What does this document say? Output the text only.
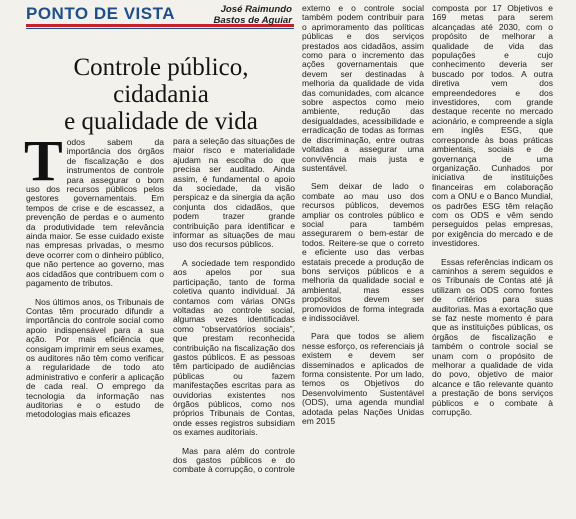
PONTO DE VISTA	José Raimundo
Bastos de Aguiar
Controle público, cidadania
e qualidade de vida

Todos sabem da importância dos órgãos de fiscalização e dos instrumentos de controle para assegurar o bom uso dos recursos públicos pelos gestores governamentais. Em tempos de crise e de escassez, a prevenção de perdas e o aumento da produtividade tem relevância ainda maior. Se esse cuidado existe nas empresas privadas, o mesmo deve ocorrer com o dinheiro público, que não pertence ao governo, mas aos cidadãos que contribuem com o pagamento de tributos.

Nos últimos anos, os Tribunais de Contas têm procurado difundir a importância do controle social como apoio indispensável para a sua ação. Por mais eficiência que consigam imprimir em seus exames, os auditores não têm como verificar a regularidade de todo ato administrativo e conferir a aplicação de cada real. O emprego da tecnologia da informação nas auditorias e o estudo de metodologias mais eficazes

para a seleção das situações de maior risco e materialidade ajudam na escolha do que precisa ser auditado. Ainda assim, é fundamental o apoio da sociedade, da visão perspicaz e da sinergia da ação conjunta dos cidadãos, que podem trazer grande contribuição para identificar e informar as situações de mau uso dos recursos públicos.

A sociedade tem respondido aos apelos por sua participação, tanto de forma coletiva quanto individual. Já contamos com várias ONGs voltadas ao controle social, algumas vezes identificadas como “observatórios sociais”, que prestam reconhecida contribuição na fiscalização dos gastos públicos. E as pessoas têm participado de audiências públicas ou fazem manifestações escritas para as ouvidorias existentes nos órgãos públicos, como nos próprios Tribunais de Contas, onde esses registros subsidiam os exames auditoriais.

Mas para além do controle dos gastos públicos e do combate à corrupção, o controle

externo e o controle social também podem contribuir para o aprimoramento das políticas públicas e dos serviços prestados aos cidadãos, assim como para o incremento das ações governamentais que devem ser destinadas à melhoria da qualidade de vida das comunidades, com alcance sobre aspectos como meio ambiente, redução das desigualdades, acessibilidade e erradicação de todas as formas de discriminação, entre outras voltadas a assegurar uma convivência mais justa e sustentável.

Sem deixar de lado o combate ao mau uso dos recursos públicos, devemos ampliar os controles público e social para também assegurarem o bem-estar de todos. Reitere-se que o correto e eficiente uso das verbas estatais precede a produção de bons serviços públicos e a melhoria da qualidade social e ambiental, mas esses propósitos devem ser promovidos de forma integrada e indissociável.

Para que todos se aliem nesse esforço, os referenciais já existem e devem ser disseminados e aplicados de forma consistente. Por um lado, temos os Objetivos do Desenvolvimento Sustentável (ODS), uma agenda mundial adotada pelas Nações Unidas em 2015

composta por 17 Objetivos e 169 metas para serem alcançadas até 2030, com o propósito de melhorar a qualidade de vida das populações e cujo conhecimento deveria ser buscado por todos. A outra diretiva vem dos empreendedores e dos investidores, com grande destaque recente no mercado acionário, e compreende a sigla em inglês ESG, que corresponde às boas práticas ambientais, sociais e de governança de uma organização. Cunhados por iniciativa de instituições financeiras em colaboração com a ONU e o Banco Mundial, os padrões ESG têm relação com os ODS e vêm sendo perseguidos pelas empresas, por exigência do mercado e de investidores.

Essas referências indicam os caminhos a serem seguidos e os Tribunais de Contas até já utilizam os ODS como fontes de critérios para suas auditorias. Mas a exortação que se faz neste momento é para que as instituições públicas, os órgãos de fiscalização e também o controle social se unam com o propósito de melhorar a qualidade de vida do povo, objetivo de maior alcance e tão relevante quanto a prestação de bons serviços públicos e o combate à corrupção.
